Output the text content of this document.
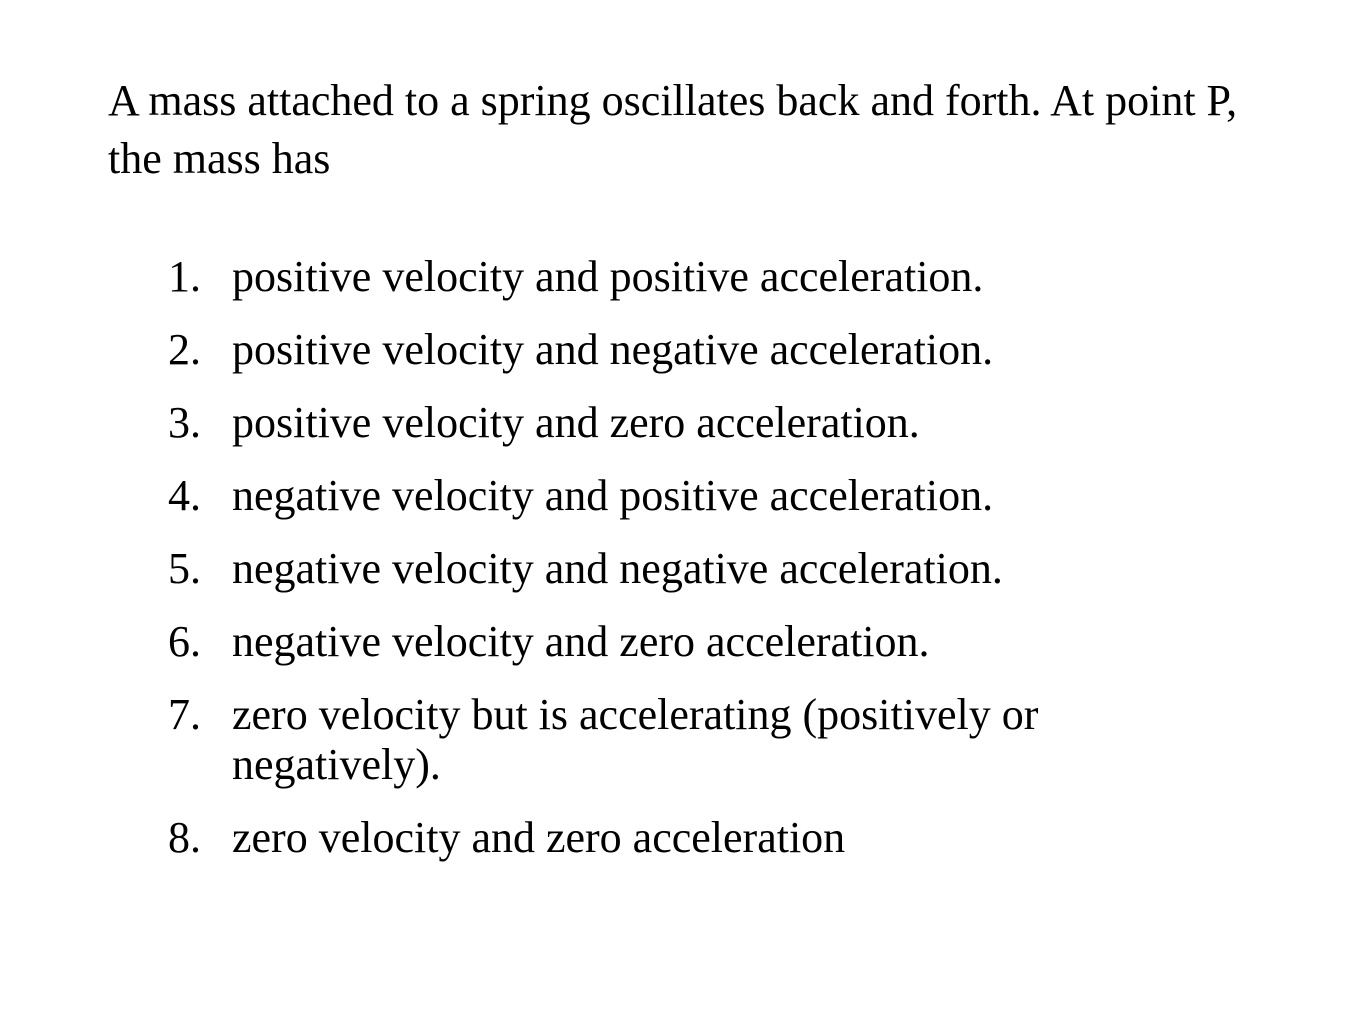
A mass attached to a spring oscillates back and forth. At point P, the mass has

1. positive velocity and positive acceleration.
2. positive velocity and negative acceleration.
3. positive velocity and zero acceleration.
4. negative velocity and positive acceleration.
5. negative velocity and negative acceleration.
6. negative velocity and zero acceleration.
7. zero velocity but is accelerating (positively or negatively).
8. zero velocity and zero acceleration
